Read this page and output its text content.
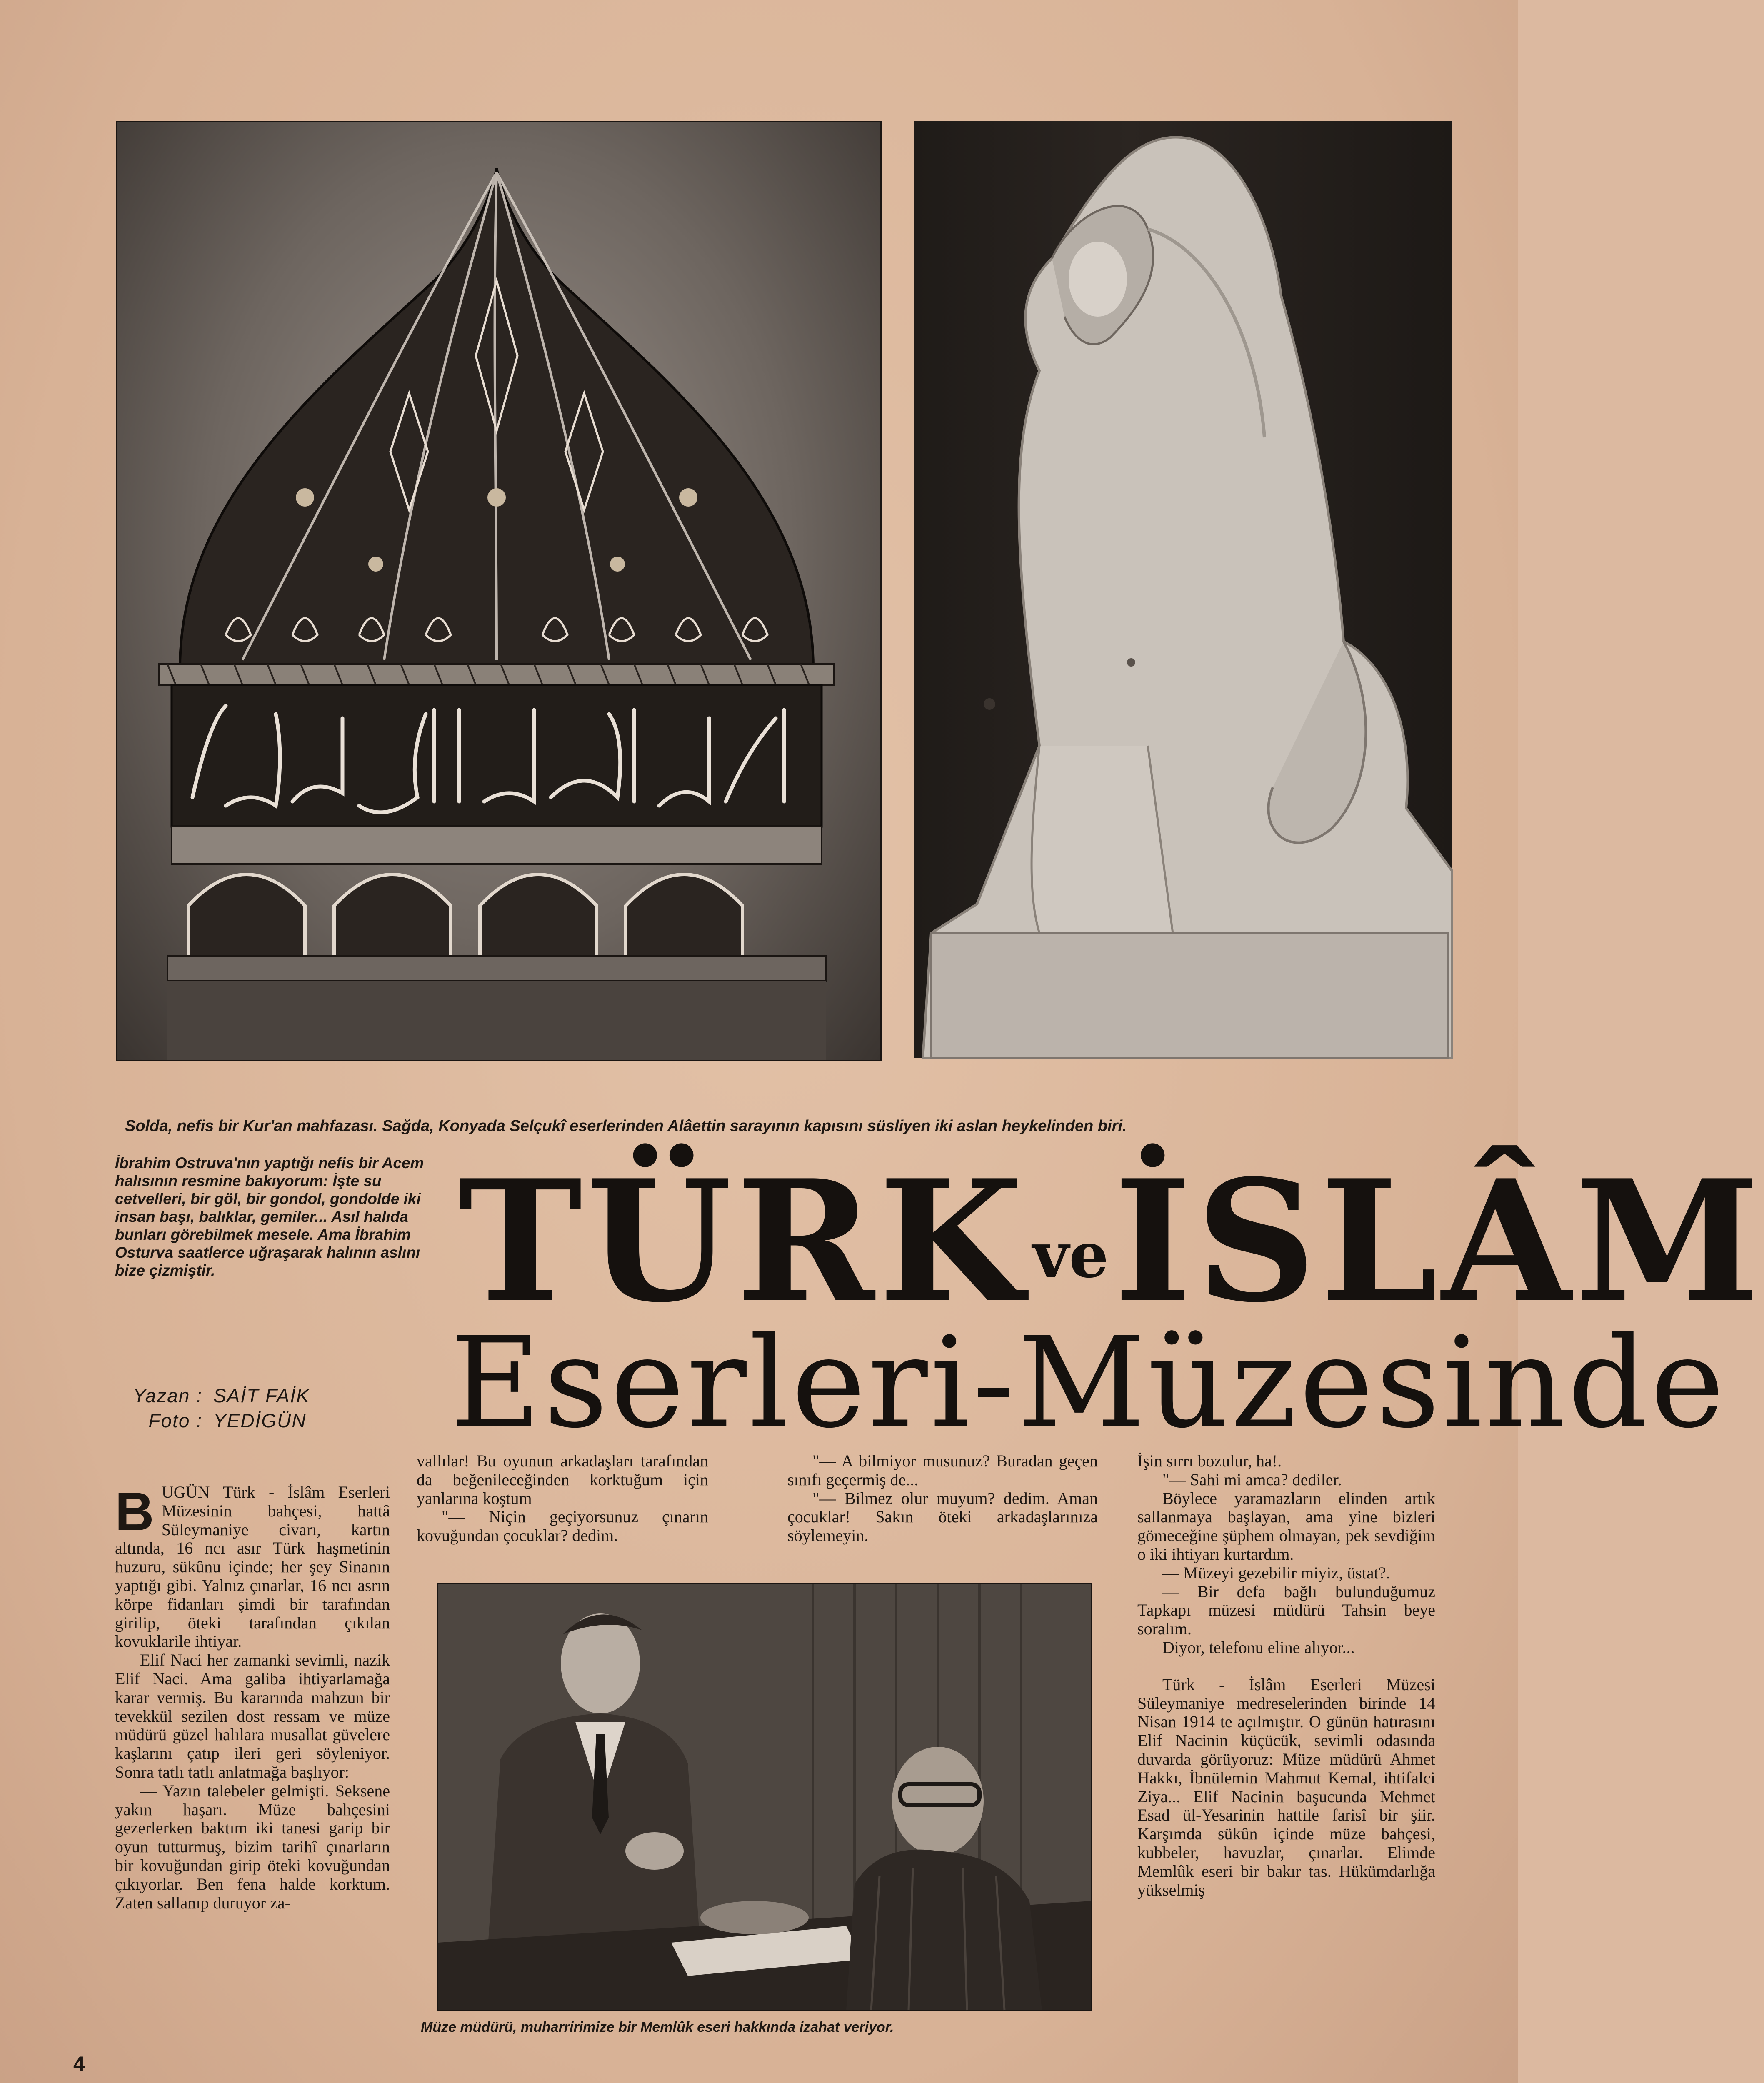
Solda, nefis bir Kur'an mahfazası. Sağda, Konyada Selçukî eserlerinden Alâettin sarayının kapısını süsliyen iki aslan heykelinden biri.
İbrahim Ostruva'nın yaptığı nefis bir Acem halısının resmine bakıyorum: İşte su cetvelleri, bir göl, bir gondol, gondolde iki insan başı, balıklar, gemiler... Asıl halıda bunları görebilmek mesele. Ama İbrahim Osturva saatlerce uğraşarak halının aslını bize çizmiştir.
Yazan : SAİT FAİK
Foto : YEDİGÜN
TÜRKveİSLÂM
Eserleri-Müzesinde

BUGÜN Türk - İslâm Eserleri Müzesinin bahçesi, hattâ Süleymaniye civarı, kartın altında, 16 ncı asır Türk haşmetinin huzuru, sükûnu içinde; her şey Sinanın yaptığı gibi. Yalnız çınarlar, 16 ncı asrın körpe fidanları şimdi bir tarafından girilip, öteki tarafından çıkılan kovuklarile ihtiyar.

Elif Naci her zamanki sevimli, nazik Elif Naci. Ama galiba ihtiyarlamağa karar vermiş. Bu kararında mahzun bir tevekkül sezilen dost ressam ve müze müdürü güzel halılara musallat güvelere kaşlarını çatıp ileri geri söyleniyor. Sonra tatlı tatlı anlatmağa başlıyor:

— Yazın talebeler gelmişti. Seksene yakın haşarı. Müze bahçesini gezerlerken baktım iki tanesi garip bir oyun tutturmuş, bizim tarihî çınarların bir kovuğundan girip öteki kovuğundan çıkıyorlar. Ben fena halde korktum. Zaten sallanıp duruyor za-

vallılar! Bu oyunun arkadaşları tarafından da beğenileceğinden korktuğum için yanlarına koştum

"— Niçin geçiyorsunuz çınarın kovuğundan çocuklar? dedim.

"— A bilmiyor musunuz? Buradan geçen sınıfı geçermiş de...

"— Bilmez olur muyum? dedim. Aman çocuklar! Sakın öteki arkadaşlarınıza söylemeyin.

İşin sırrı bozulur, ha!.

"— Sahi mi amca? dediler.

Böylece yaramazların elinden artık sallanmaya başlayan, ama yine bizleri gömeceğine şüphem olmayan, pek sevdiğim o iki ihtiyarı kurtardım.

— Müzeyi gezebilir miyiz, üstat?.

— Bir defa bağlı bulunduğumuz Tapkapı müzesi müdürü Tahsin beye soralım.

Diyor, telefonu eline alıyor...

Türk - İslâm Eserleri Müzesi Süleymaniye medreselerinden birinde 14 Nisan 1914 te açılmıştır. O günün hatırasını Elif Nacinin küçücük, sevimli odasında duvarda görüyoruz: Müze müdürü Ahmet Hakkı, İbnülemin Mahmut Kemal, ihtifalci Ziya... Elif Nacinin başucunda Mehmet Esad ül-Yesarinin hattile farisî bir şiir. Karşımda sükûn içinde müze bahçesi, kubbeler, havuzlar, çınarlar. Elimde Memlûk eseri bir bakır tas. Hükümdarlığa yükselmiş

Müze müdürü, muharririmize bir Memlûk eseri hakkında izahat veriyor.
4
